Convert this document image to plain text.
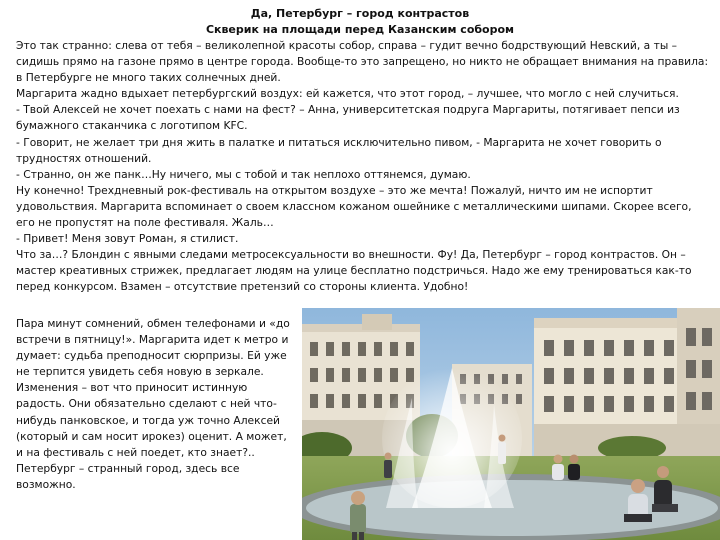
Да, Петербург – город контрастов
Скверик на площади перед Казанским собором

Это так странно: слева от тебя – великолепной красоты собор, справа – гудит вечно бодрствующий Невский, а ты – сидишь прямо на газоне прямо в центре города. Вообще-то это запрещено, но никто не обращает внимания на правила: в Петербурге не много таких солнечных дней.

Маргарита жадно вдыхает петербургский воздух: ей кажется, что этот город, – лучшее, что могло с ней случиться.

- Твой Алексей не хочет поехать с нами на фест? – Анна, университетская подруга Маргариты, потягивает пепси из бумажного стаканчика с логотипом KFC.

- Говорит, не желает три дня жить в палатке и питаться исключительно пивом, - Маргарита не хочет говорить о трудностях отношений.

- Странно, он же панк…Ну ничего, мы с тобой и так неплохо оттянемся, думаю.

Ну конечно! Трехдневный рок-фестиваль на открытом воздухе – это же мечта! Пожалуй, ничто им не испортит удовольствия. Маргарита вспоминает о своем классном кожаном ошейнике с металлическими шипами. Скорее всего, его не пропустят на поле фестиваля. Жаль…

- Привет! Меня зовут Роман, я стилист.

Что за…? Блондин с явными следами метросексуальности во внешности. Фу! Да, Петербург – город контрастов. Он – мастер креативных стрижек, предлагает людям на улице бесплатно подстричься. Надо же ему тренироваться как-то перед конкурсом. Взамен – отсутствие претензий со стороны клиента. Удобно!

Пара минут сомнений, обмен телефонами и «до встречи в пятницу!». Маргарита идет к метро и думает: судьба преподносит сюрпризы. Ей уже не терпится увидеть себя новую в зеркале. Изменения – вот что приносит истинную радость. Они обязательно сделают с ней что-нибудь панковское, и тогда уж точно Алексей (который и сам носит ирокез) оценит. А может, и на фестиваль с ней поедет, кто знает?.. Петербург – странный город, здесь все возможно.
